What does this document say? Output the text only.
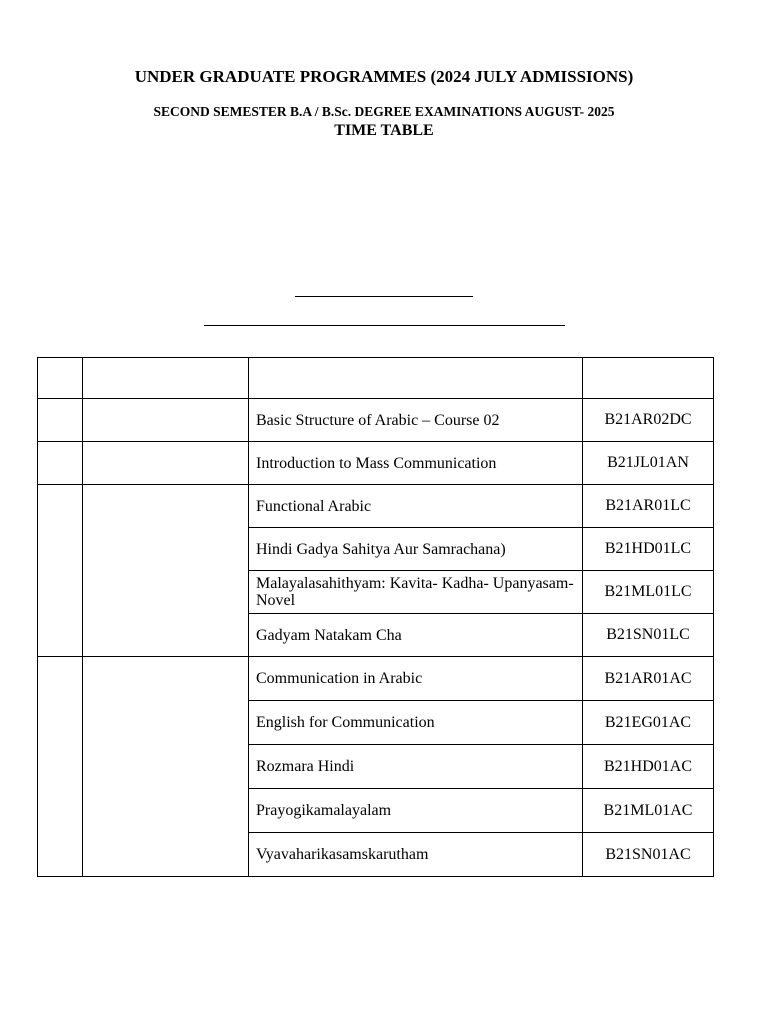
UNDER GRADUATE PROGRAMMES (2024 JULY ADMISSIONS)
SECOND SEMESTER B.A / B.Sc. DEGREE EXAMINATIONS AUGUST- 2025
TIME TABLE

		Basic Structure of Arabic – Course 02	B21AR02DC
		Introduction to Mass Communication	B21JL01AN
		Functional Arabic	B21AR01LC
		Hindi Gadya Sahitya Aur Samrachana)	B21HD01LC
		Malayalasahithyam: Kavita- Kadha- Upanyasam-Novel	B21ML01LC
		Gadyam Natakam Cha	B21SN01LC
		Communication in Arabic	B21AR01AC
		English for Communication	B21EG01AC
		Rozmara Hindi	B21HD01AC
		Prayogikamalayalam	B21ML01AC
		Vyavaharikasamskarutham	B21SN01AC
